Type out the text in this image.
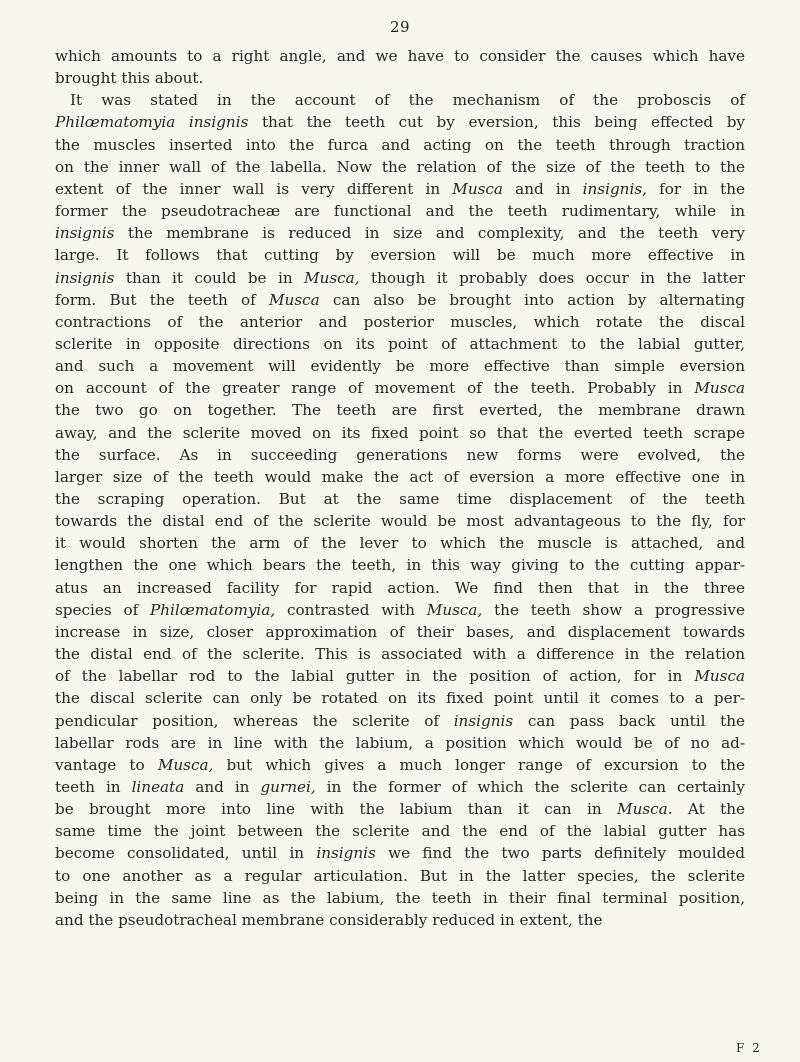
29
which amounts to a right angle, and we have to consider the causes which have
brought this about.
It was stated in the account of the mechanism of the proboscis of
Philœmatomyia insignis that the teeth cut by eversion, this being effected by
the muscles inserted into the furca and acting on the teeth through traction
on the inner wall of the labella. Now the relation of the size of the teeth to the
extent of the inner wall is very different in Musca and in insignis, for in the
former the pseudotracheæ are functional and the teeth rudimentary, while in
insignis the membrane is reduced in size and complexity, and the teeth very
large. It follows that cutting by eversion will be much more effective in
insignis than it could be in Musca, though it probably does occur in the latter
form. But the teeth of Musca can also be brought into action by alternating
contractions of the anterior and posterior muscles, which rotate the discal
sclerite in opposite directions on its point of attachment to the labial gutter,
and such a movement will evidently be more effective than simple eversion
on account of the greater range of movement of the teeth. Probably in Musca
the two go on together. The teeth are first everted, the membrane drawn
away, and the sclerite moved on its fixed point so that the everted teeth scrape
the surface. As in succeeding generations new forms were evolved, the
larger size of the teeth would make the act of eversion a more effective one in
the scraping operation. But at the same time displacement of the teeth
towards the distal end of the sclerite would be most advantageous to the fly, for
it would shorten the arm of the lever to which the muscle is attached, and
lengthen the one which bears the teeth, in this way giving to the cutting appar-
atus an increased facility for rapid action. We find then that in the three
species of Philœmatomyia, contrasted with Musca, the teeth show a progressive
increase in size, closer approximation of their bases, and displacement towards
the distal end of the sclerite. This is associated with a difference in the relation
of the labellar rod to the labial gutter in the position of action, for in Musca
the discal sclerite can only be rotated on its fixed point until it comes to a per-
pendicular position, whereas the sclerite of insignis can pass back until the
labellar rods are in line with the labium, a position which would be of no ad-
vantage to Musca, but which gives a much longer range of excursion to the
teeth in lineata and in gurnei, in the former of which the sclerite can certainly
be brought more into line with the labium than it can in Musca. At the
same time the joint between the sclerite and the end of the labial gutter has
become consolidated, until in insignis we find the two parts definitely moulded
to one another as a regular articulation. But in the latter species, the sclerite
being in the same line as the labium, the teeth in their final terminal position,
and the pseudotracheal membrane considerably reduced in extent, the
F 2
